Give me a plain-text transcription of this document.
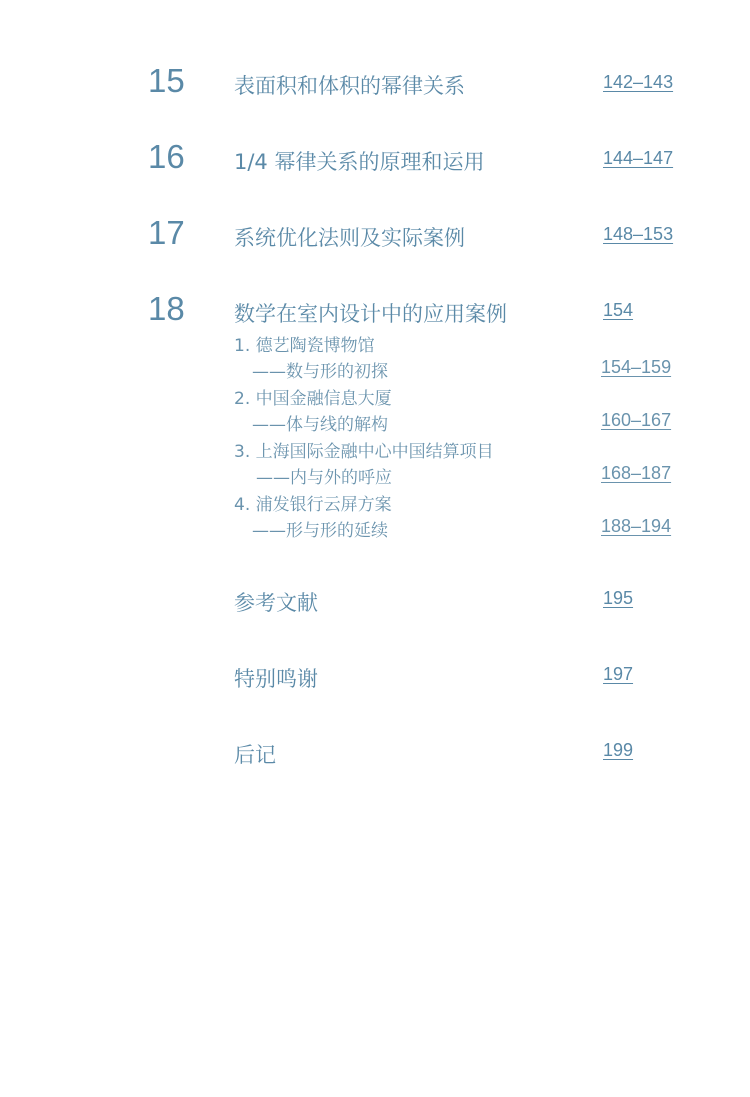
15 表面积和体积的幂律关系	142–143
16 1/4 幂律关系的原理和运用	144–147
17 系统优化法则及实际案例	148–153
18 数学在室内设计中的应用案例	154
1. 德艺陶瓷博物馆
——数与形的初探	154–159
2. 中国金融信息大厦
——体与线的解构	160–167
3. 上海国际金融中心中国结算项目
——内与外的呼应	168–187
4. 浦发银行云屏方案
——形与形的延续	188–194
参考文献	195
特别鸣谢	197
后记	199
